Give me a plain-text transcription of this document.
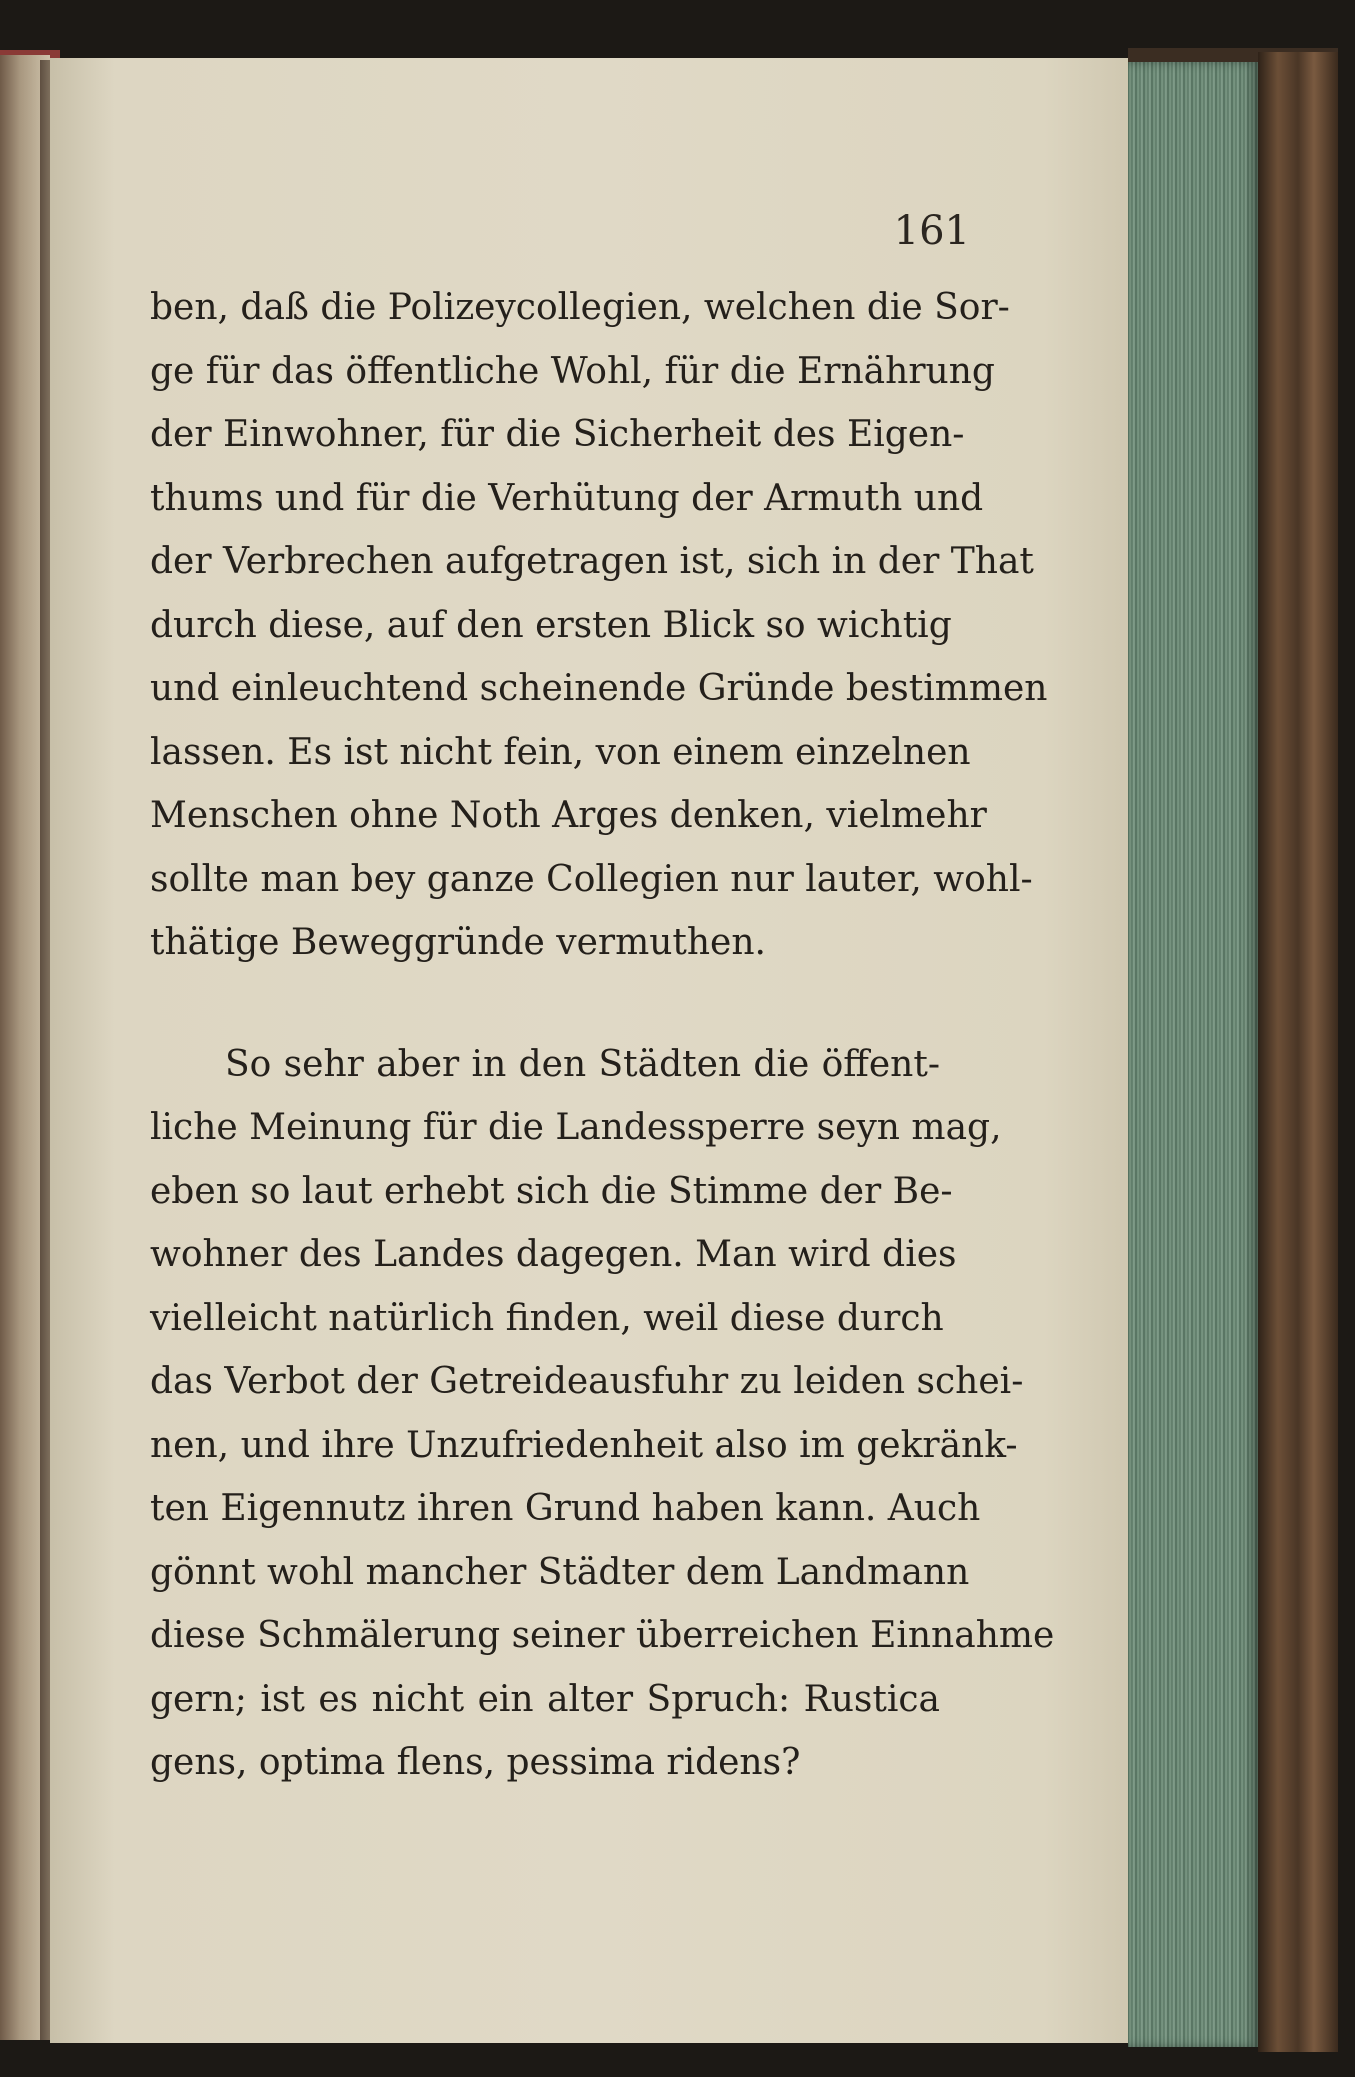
161
ben, daß die Polizeycollegien, welchen die Sor-
ge für das öffentliche Wohl, für die Ernährung
der Einwohner, für die Sicherheit des Eigen-
thums und für die Verhütung der Armuth und
der Verbrechen aufgetragen ist, sich in der That
durch diese, auf den ersten Blick so wichtig
und einleuchtend scheinende Gründe bestimmen
lassen. Es ist nicht fein, von einem einzelnen
Menschen ohne Noth Arges denken, vielmehr
sollte man bey ganze Collegien nur lauter, wohl-
thätige Beweggründe vermuthen.
So sehr aber in den Städten die öffent-
liche Meinung für die Landessperre seyn mag,
eben so laut erhebt sich die Stimme der Be-
wohner des Landes dagegen. Man wird dies
vielleicht natürlich finden, weil diese durch
das Verbot der Getreideausfuhr zu leiden schei-
nen, und ihre Unzufriedenheit also im gekränk-
ten Eigennutz ihren Grund haben kann. Auch
gönnt wohl mancher Städter dem Landmann
diese Schmälerung seiner überreichen Einnahme
gern; ist es nicht ein alter Spruch: Rustica
gens, optima flens, pessima ridens?
